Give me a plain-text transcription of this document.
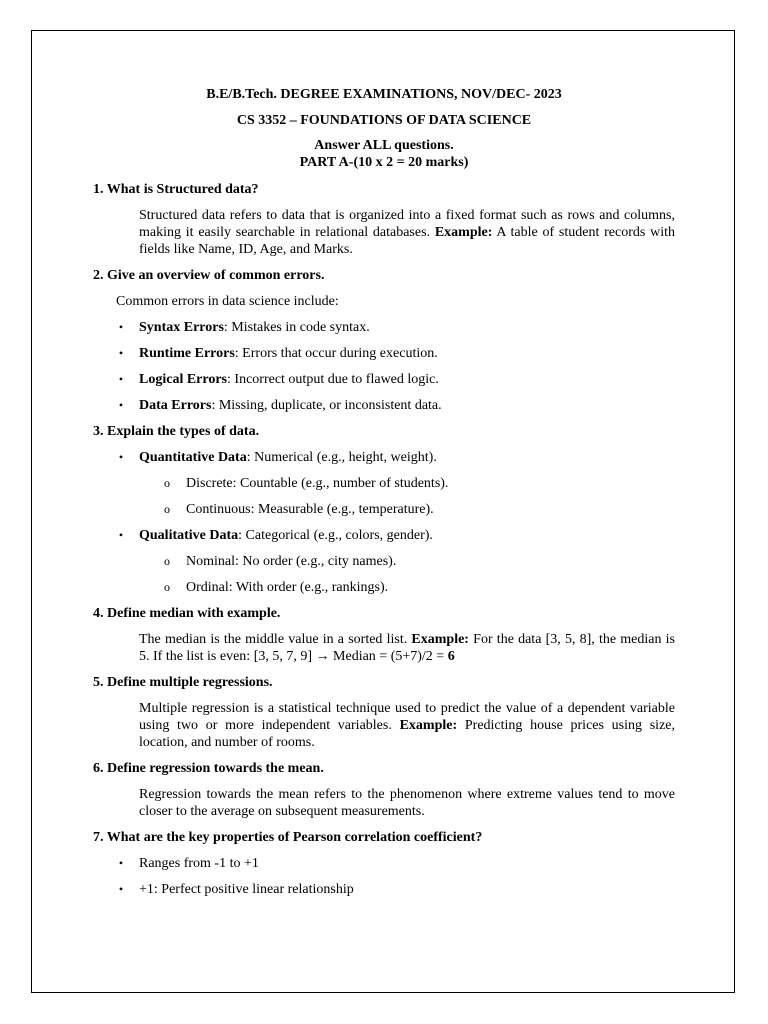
B.E/B.Tech. DEGREE EXAMINATIONS, NOV/DEC- 2023

CS 3352 – FOUNDATIONS OF DATA SCIENCE

Answer ALL questions.

PART A-(10 x 2 = 20 marks)

1. What is Structured data?

Structured data refers to data that is organized into a fixed format such as rows and columns, making it easily searchable in relational databases. Example: A table of student records with fields like Name, ID, Age, and Marks.

2. Give an overview of common errors.

Common errors in data science include:

• Syntax Errors: Mistakes in code syntax.
• Runtime Errors: Errors that occur during execution.
• Logical Errors: Incorrect output due to flawed logic.
• Data Errors: Missing, duplicate, or inconsistent data.

3. Explain the types of data.

• Quantitative Data: Numerical (e.g., height, weight).
o Discrete: Countable (e.g., number of students).
o Continuous: Measurable (e.g., temperature).
• Qualitative Data: Categorical (e.g., colors, gender).
o Nominal: No order (e.g., city names).
o Ordinal: With order (e.g., rankings).

4. Define median with example.

The median is the middle value in a sorted list. Example: For the data [3, 5, 8], the median is 5. If the list is even: [3, 5, 7, 9] → Median = (5+7)/2 = 6

5. Define multiple regressions.

Multiple regression is a statistical technique used to predict the value of a dependent variable using two or more independent variables. Example: Predicting house prices using size, location, and number of rooms.

6. Define regression towards the mean.

Regression towards the mean refers to the phenomenon where extreme values tend to move closer to the average on subsequent measurements.

7. What are the key properties of Pearson correlation coefficient?

• Ranges from -1 to +1
• +1: Perfect positive linear relationship
